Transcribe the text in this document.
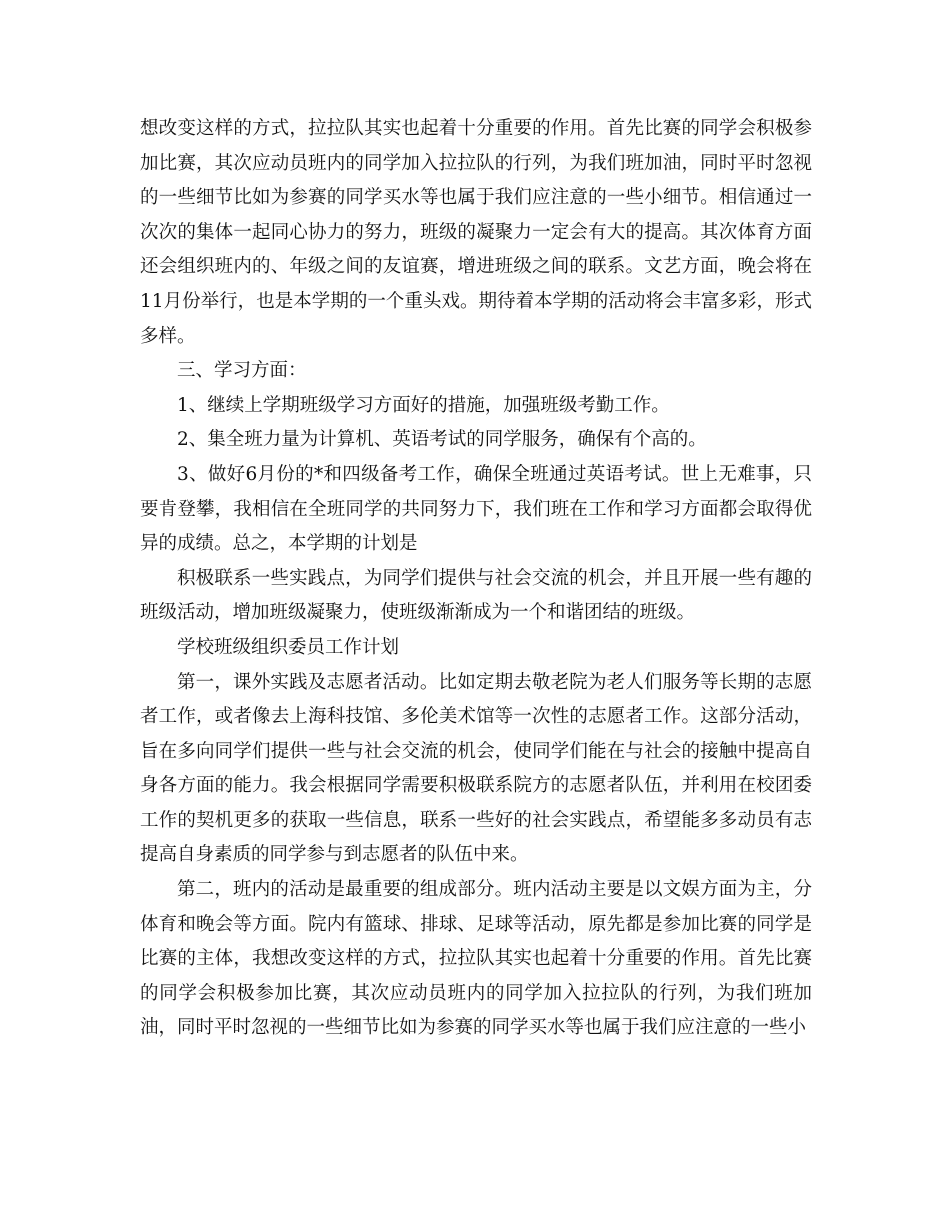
想改变这样的方式，拉拉队其实也起着十分重要的作用。首先比赛的同学会积极参加比赛，其次应动员班内的同学加入拉拉队的行列，为我们班加油，同时平时忽视的一些细节比如为参赛的同学买水等也属于我们应注意的一些小细节。相信通过一次次的集体一起同心协力的努力，班级的凝聚力一定会有大的提高。其次体育方面还会组织班内的、年级之间的友谊赛，增进班级之间的联系。文艺方面，晚会将在11月份举行，也是本学期的一个重头戏。期待着本学期的活动将会丰富多彩，形式多样。

三、学习方面：

1、继续上学期班级学习方面好的措施，加强班级考勤工作。

2、集全班力量为计算机、英语考试的同学服务，确保有个高的。

3、做好6月份的*和四级备考工作，确保全班通过英语考试。世上无难事，只要肯登攀，我相信在全班同学的共同努力下，我们班在工作和学习方面都会取得优异的成绩。总之，本学期的计划是

积极联系一些实践点，为同学们提供与社会交流的机会，并且开展一些有趣的班级活动，增加班级凝聚力，使班级渐渐成为一个和谐团结的班级。

学校班级组织委员工作计划

第一，课外实践及志愿者活动。比如定期去敬老院为老人们服务等长期的志愿者工作，或者像去上海科技馆、多伦美术馆等一次性的志愿者工作。这部分活动，旨在多向同学们提供一些与社会交流的机会，使同学们能在与社会的接触中提高自身各方面的能力。我会根据同学需要积极联系院方的志愿者队伍，并利用在校团委工作的契机更多的获取一些信息，联系一些好的社会实践点，希望能多多动员有志提高自身素质的同学参与到志愿者的队伍中来。

第二，班内的活动是最重要的组成部分。班内活动主要是以文娱方面为主，分体育和晚会等方面。院内有篮球、排球、足球等活动，原先都是参加比赛的同学是比赛的主体，我想改变这样的方式，拉拉队其实也起着十分重要的作用。首先比赛的同学会积极参加比赛，其次应动员班内的同学加入拉拉队的行列，为我们班加油，同时平时忽视的一些细节比如为参赛的同学买水等也属于我们应注意的一些小
